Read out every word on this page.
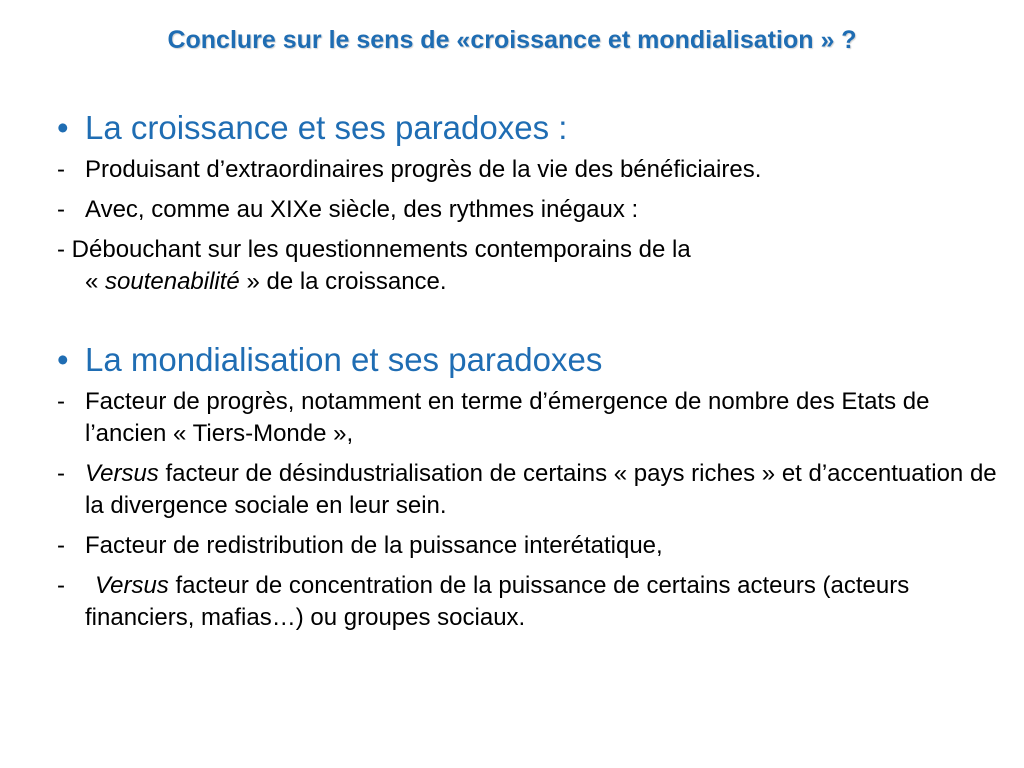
Conclure sur le sens de «croissance et mondialisation » ?
• La croissance et ses paradoxes :
- Produisant d’extraordinaires progrès de la vie des bénéficiaires.
- Avec, comme au XIXe siècle, des rythmes inégaux :
- Débouchant sur les questionnements contemporains de la
« soutenabilité » de la croissance.
• La mondialisation et ses paradoxes
- Facteur de progrès, notamment en terme d’émergence de nombre des Etats de l’ancien « Tiers-Monde »,
- Versus facteur de désindustrialisation de certains « pays riches » et d’accentuation de la divergence sociale en leur sein.
- Facteur de redistribution de la puissance interétatique,
- Versus facteur de concentration de la puissance de certains acteurs (acteurs financiers, mafias…) ou groupes sociaux.
